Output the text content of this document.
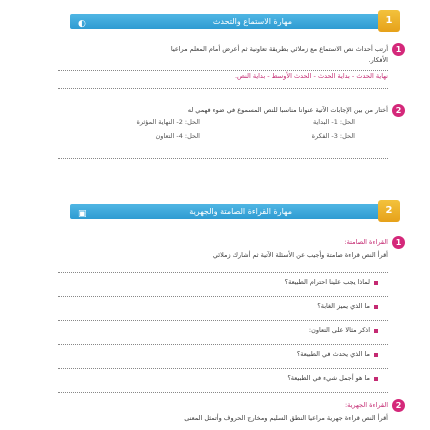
مهارة الاستماع والتحدث
◐	1
1
أرتب أحداث نص الاستماع مع زملائي بطريقة تعاونية ثم أعرض أمام المعلم مراعيا
الأفكار.
نهاية الحدث - بداية الحدث - الحدث الأوسط - بداية النص.
2
أختار من بين الإجابات الآتية عنوانا مناسبا للنص المسموع في ضوء فهمي له
الحل: 1- البداية
الحل: 2- النهاية المؤثرة
الحل: 3- الفكرة
الحل: 4- التعاون
مهارة القراءة الصامتة والجهرية
▣	2
1
القراءة الصامتة:
أقرأ النص قراءة صامتة وأجيب عن الأسئلة الآتية ثم أشارك زملائي
لماذا يجب علينا احترام الطبيعة؟
ما الذي يميز الغابة؟
اذكر مثالا على التعاون:
ما الذي يحدث في الطبيعة؟
ما هو أجمل شيء في الطبيعة؟
2
القراءة الجهرية:
أقرأ النص قراءة جهرية مراعيا النطق السليم ومخارج الحروف وأتمثل المعنى
